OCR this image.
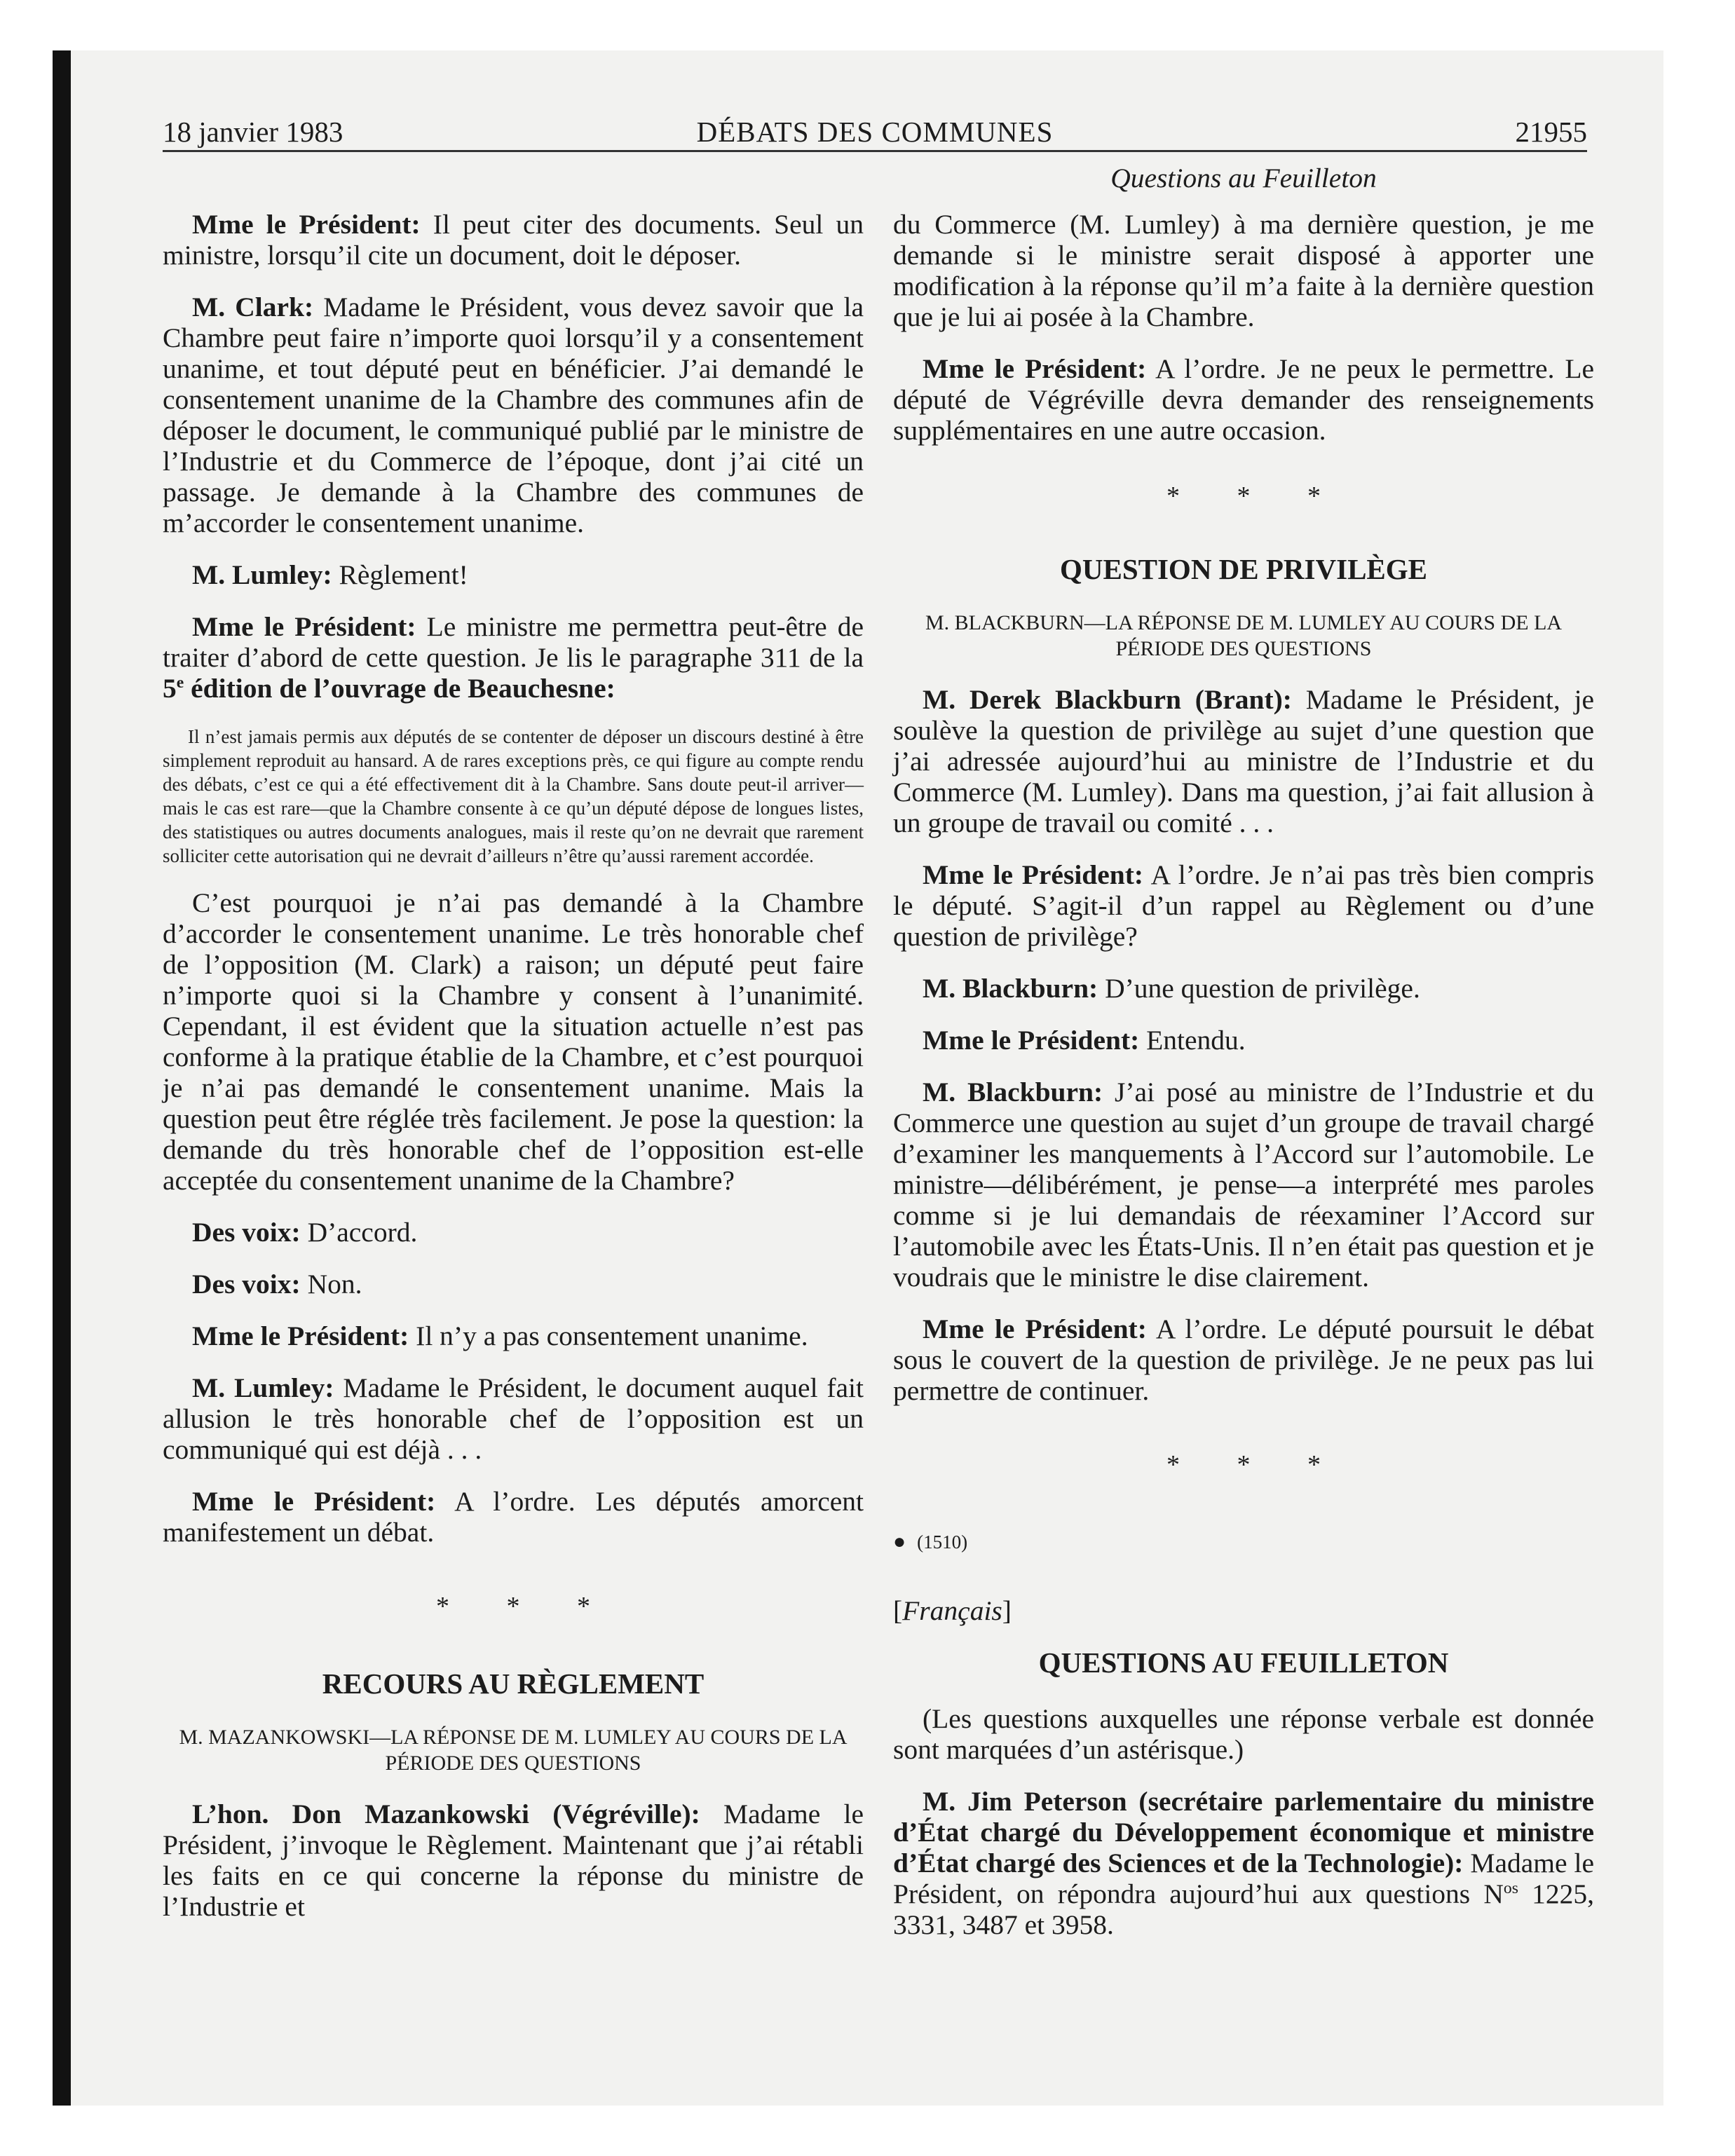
18 janvier 1983	DÉBATS DES COMMUNES	21955

Mme le Président: Il peut citer des documents. Seul un ministre, lorsqu’il cite un document, doit le déposer.

M. Clark: Madame le Président, vous devez savoir que la Chambre peut faire n’importe quoi lorsqu’il y a consentement unanime, et tout député peut en bénéficier. J’ai demandé le consentement unanime de la Chambre des communes afin de déposer le document, le communiqué publié par le ministre de l’Industrie et du Commerce de l’époque, dont j’ai cité un passage. Je demande à la Chambre des communes de m’accorder le consentement unanime.

M. Lumley: Règlement!

Mme le Président: Le ministre me permettra peut-être de traiter d’abord de cette question. Je lis le paragraphe 311 de la 5e édition de l’ouvrage de Beauchesne:

Il n’est jamais permis aux députés de se contenter de déposer un discours destiné à être simplement reproduit au hansard. A de rares exceptions près, ce qui figure au compte rendu des débats, c’est ce qui a été effectivement dit à la Chambre. Sans doute peut-il arriver—mais le cas est rare—que la Chambre consente à ce qu’un député dépose de longues listes, des statistiques ou autres documents analogues, mais il reste qu’on ne devrait que rarement solliciter cette autorisation qui ne devrait d’ailleurs n’être qu’aussi rarement accordée.

C’est pourquoi je n’ai pas demandé à la Chambre d’accorder le consentement unanime. Le très honorable chef de l’opposition (M. Clark) a raison; un député peut faire n’importe quoi si la Chambre y consent à l’unanimité. Cependant, il est évident que la situation actuelle n’est pas conforme à la pratique établie de la Chambre, et c’est pourquoi je n’ai pas demandé le consentement unanime. Mais la question peut être réglée très facilement. Je pose la question: la demande du très honorable chef de l’opposition est-elle acceptée du consentement unanime de la Chambre?

Des voix: D’accord.

Des voix: Non.

Mme le Président: Il n’y a pas consentement unanime.

M. Lumley: Madame le Président, le document auquel fait allusion le très honorable chef de l’opposition est un communiqué qui est déjà . . .

Mme le Président: A l’ordre. Les députés amorcent manifestement un débat.

* * *
RECOURS AU RÈGLEMENT
M. MAZANKOWSKI—LA RÉPONSE DE M. LUMLEY AU COURS DE LA PÉRIODE DES QUESTIONS

L’hon. Don Mazankowski (Végréville): Madame le Président, j’invoque le Règlement. Maintenant que j’ai rétabli les faits en ce qui concerne la réponse du ministre de l’Industrie et

Questions au Feuilleton

du Commerce (M. Lumley) à ma dernière question, je me demande si le ministre serait disposé à apporter une modification à la réponse qu’il m’a faite à la dernière question que je lui ai posée à la Chambre.

Mme le Président: A l’ordre. Je ne peux le permettre. Le député de Végréville devra demander des renseignements supplémentaires en une autre occasion.

* * *
QUESTION DE PRIVILÈGE
M. BLACKBURN—LA RÉPONSE DE M. LUMLEY AU COURS DE LA PÉRIODE DES QUESTIONS

M. Derek Blackburn (Brant): Madame le Président, je soulève la question de privilège au sujet d’une question que j’ai adressée aujourd’hui au ministre de l’Industrie et du Commerce (M. Lumley). Dans ma question, j’ai fait allusion à un groupe de travail ou comité . . .

Mme le Président: A l’ordre. Je n’ai pas très bien compris le député. S’agit-il d’un rappel au Règlement ou d’une question de privilège?

M. Blackburn: D’une question de privilège.

Mme le Président: Entendu.

M. Blackburn: J’ai posé au ministre de l’Industrie et du Commerce une question au sujet d’un groupe de travail chargé d’examiner les manquements à l’Accord sur l’automobile. Le ministre—délibérément, je pense—a interprété mes paroles comme si je lui demandais de réexaminer l’Accord sur l’automobile avec les États-Unis. Il n’en était pas question et je voudrais que le ministre le dise clairement.

Mme le Président: A l’ordre. Le député poursuit le débat sous le couvert de la question de privilège. Je ne peux pas lui permettre de continuer.

* * *
● (1510)
[Français]
QUESTIONS AU FEUILLETON

(Les questions auxquelles une réponse verbale est donnée sont marquées d’un astérisque.)

M. Jim Peterson (secrétaire parlementaire du ministre d’État chargé du Développement économique et ministre d’État chargé des Sciences et de la Technologie): Madame le Président, on répondra aujourd’hui aux questions $N^{os}$ 1225, 3331, 3487 et 3958.
